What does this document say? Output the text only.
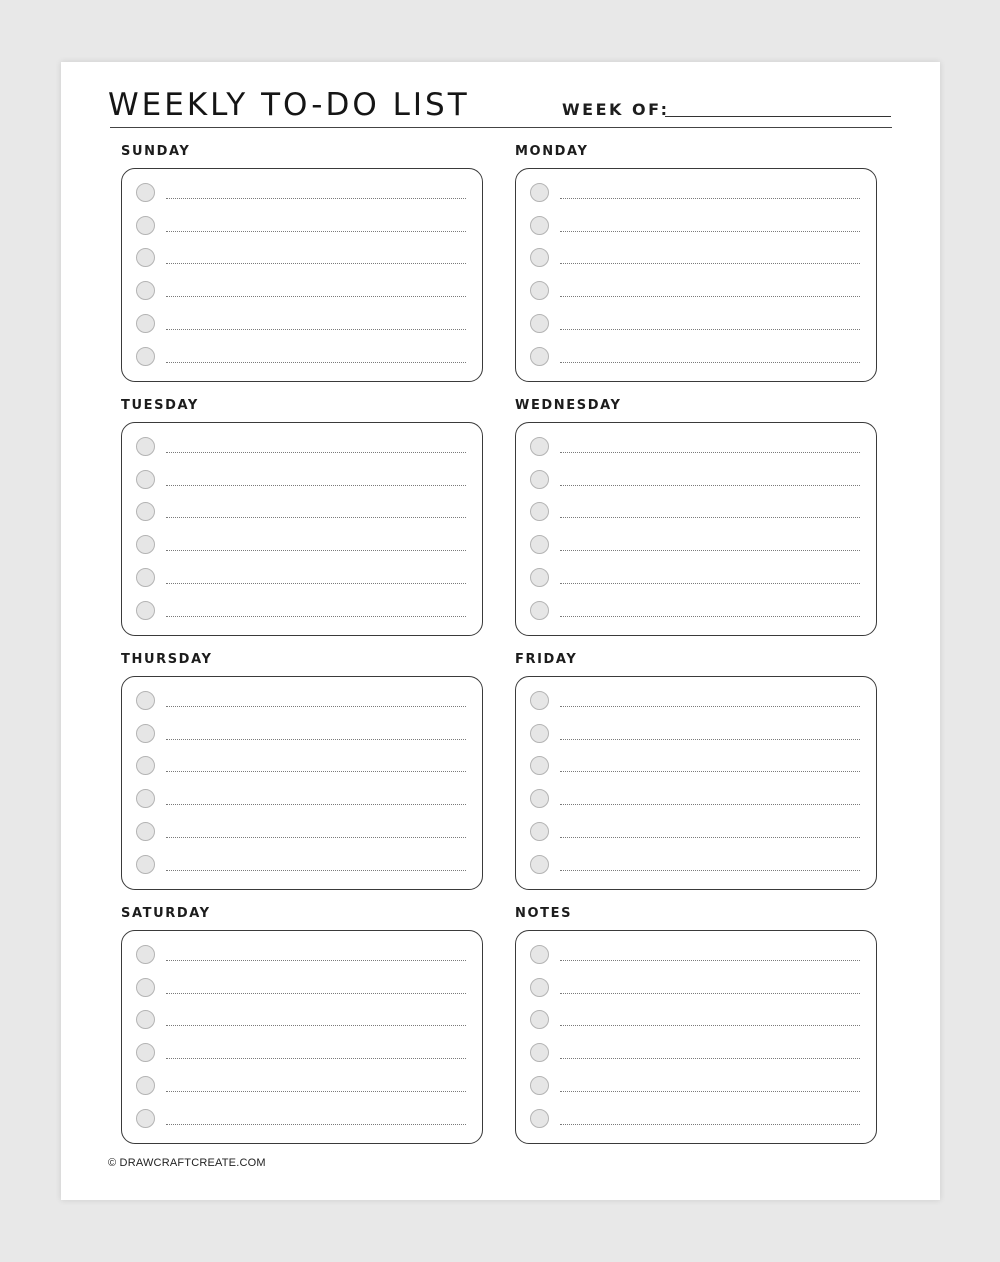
WEEKLY TO-DO LIST	WEEK OF:
SUNDAY	MONDAY
TUESDAY	WEDNESDAY
THURSDAY	FRIDAY
SATURDAY	NOTES
© DRAWCRAFTCREATE.COM
